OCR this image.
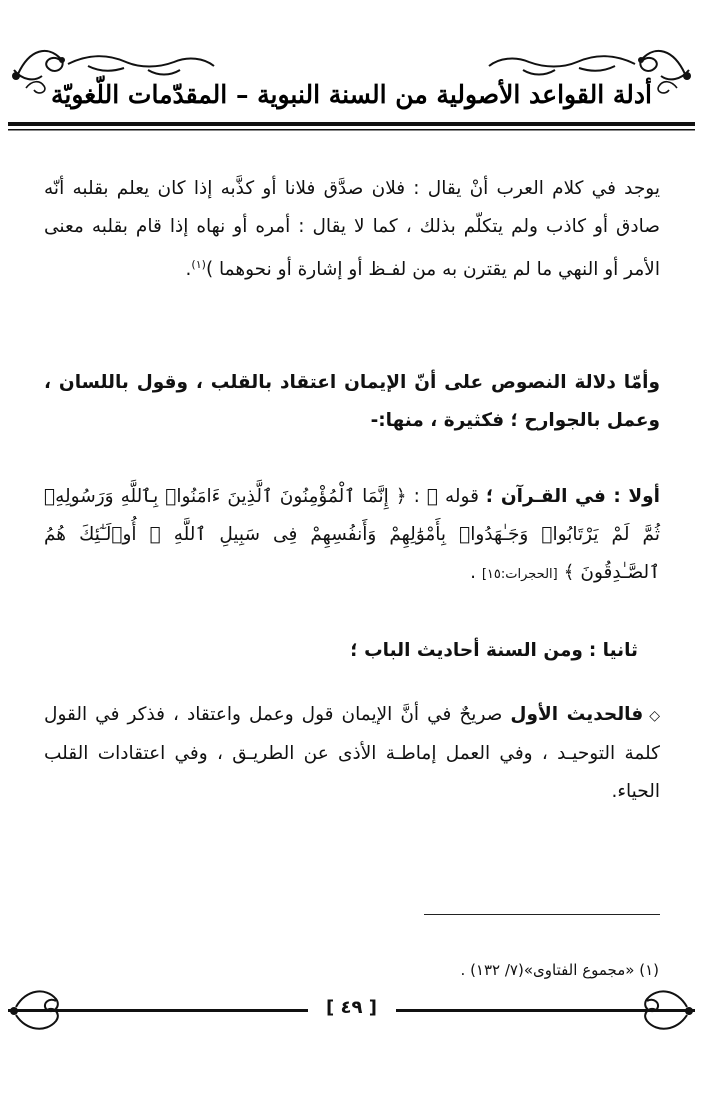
أدلة القواعد الأصولية من السنة النبوية – المقدّمات اللّغويّة

يوجد في كلام العرب أنْ يقال : فلان صدَّق فلانا أو كذَّبه إذا كان يعلم بقلبه أنّه صادق أو كاذب ولم يتكلّم بذلك ، كما لا يقال : أمره أو نهاه إذا قام بقلبه معنى الأمر أو النهي ما لم يقترن به من لفـظ أو إشارة أو نحوهما )$^{(١)}$.

وأمّا دلالة النصوص على أنّ الإيمان اعتقاد بالقلب ، وقول باللسان ، وعمل بالجوارح ؛ فكثيرة ، منها:-

أولا : في القـرآن ؛ قوله ﷺ : ﴿ إِنَّمَا ٱلْمُؤْمِنُونَ ٱلَّذِينَ ءَامَنُوا۟ بِٱللَّهِ وَرَسُولِهِۦ ثُمَّ لَمْ يَرْتَابُوا۟ وَجَـٰهَدُوا۟ بِأَمْوَٰلِهِمْ وَأَنفُسِهِمْ فِى سَبِيلِ ٱللَّهِ ۚ أُو۟لَـٰٓئِكَ هُمُ ٱلصَّـٰدِقُونَ ﴾ [الحجرات:١٥] .

ثانيا : ومن السنة أحاديث الباب ؛

◇فالحديث الأول صريحٌ في أنَّ الإيمان قول وعمل واعتقاد ، فذكر في القول كلمة التوحيـد ، وفي العمل إماطـة الأذى عن الطريـق ، وفي اعتقادات القلب الحياء.

(١) «مجموع الفتاوى»(٧/ ١٣٢) .
[ ٤٩ ]
